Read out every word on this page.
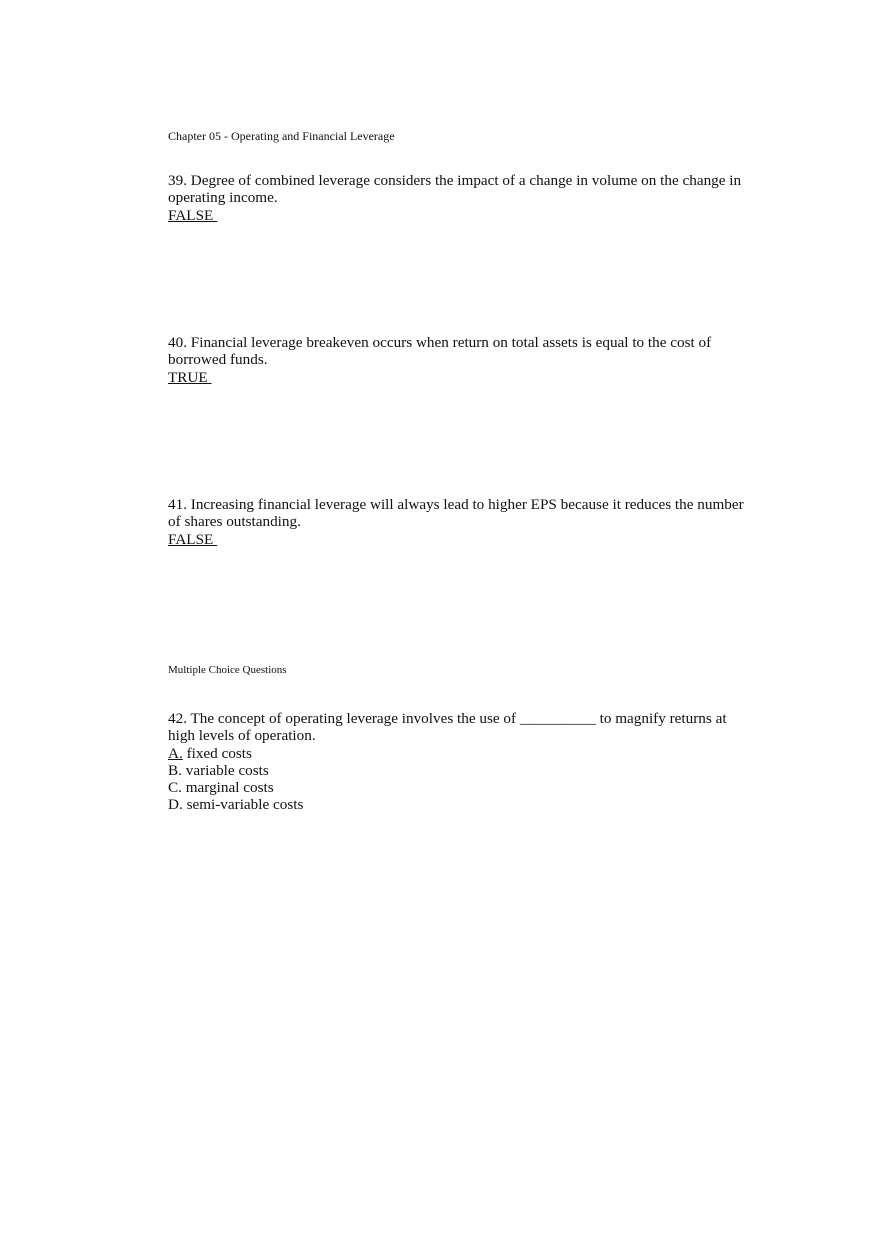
Chapter 05 - Operating and Financial Leverage

39. Degree of combined leverage considers the impact of a change in volume on the change in operating income.

FALSE

40. Financial leverage breakeven occurs when return on total assets is equal to the cost of borrowed funds.

TRUE

41. Increasing financial leverage will always lead to higher EPS because it reduces the number of shares outstanding.

FALSE

Multiple Choice Questions

42. The concept of operating leverage involves the use of __________ to magnify returns at high levels of operation.

A. fixed costs

B. variable costs

C. marginal costs

D. semi-variable costs
